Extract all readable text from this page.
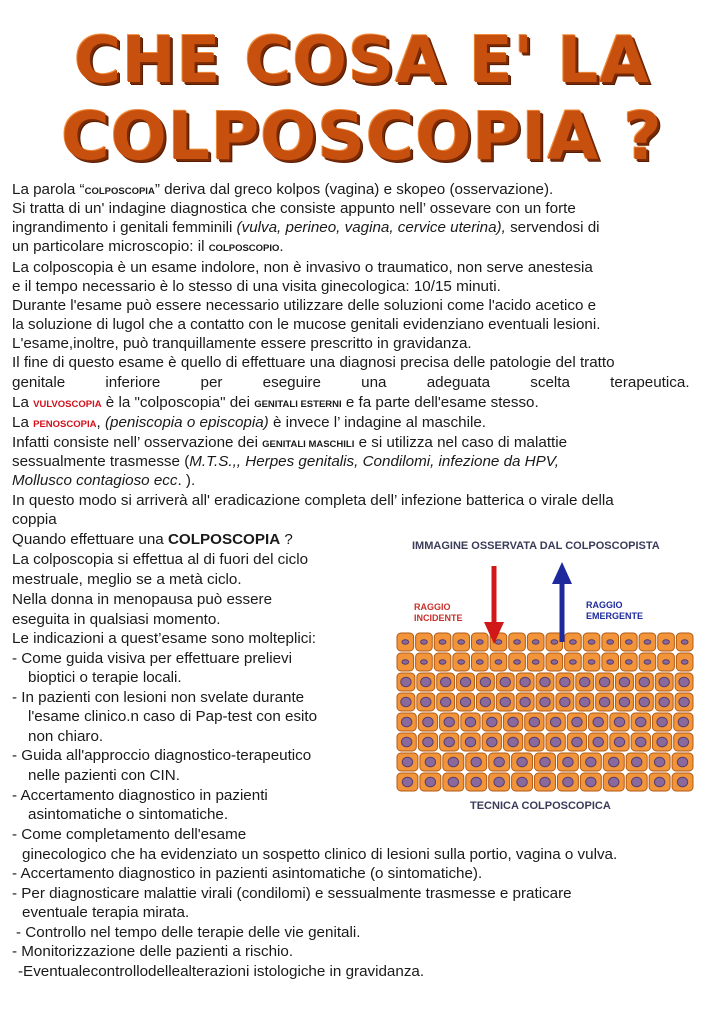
CHE COSA E' LA
COLPOSCOPIA ?
La parola “COLPOSCOPIA” deriva dal greco kolpos (vagina) e skopeo (osservazione).
Si tratta di un' indagine diagnostica che consiste appunto nell’ ossevare con un forte
ingrandimento i genitali femminili (vulva, perineo, vagina, cervice uterina), servendosi di
un particolare microscopio: il COLPOSCOPIO.
La colposcopia è un esame indolore, non è invasivo o traumatico, non serve anestesia
e il tempo necessario è lo stesso di una visita ginecologica: 10/15 minuti.
Durante l'esame può essere necessario utilizzare delle soluzioni come l'acido acetico e
la soluzione di lugol che a contatto con le mucose genitali evidenziano eventuali lesioni.
L'esame,inoltre, può tranquillamente essere prescritto in gravidanza.
Il fine di questo esame è quello di effettuare una diagnosi precisa delle patologie del tratto
genitale inferiore per eseguire una adeguata scelta terapeutica.
La VULVOSCOPIA è la "colposcopia" dei GENITALI ESTERNI e fa parte dell'esame stesso.
La PENOSCOPIA, (peniscopia o episcopia) è invece l’ indagine al maschile.
Infatti consiste nell’ osservazione dei GENITALI MASCHILI e si utilizza nel caso di malattie
sessualmente trasmesse (M.T.S.,, Herpes genitalis, Condilomi, infezione da HPV,
Mollusco contagioso ecc. ).
In questo modo si arriverà all' eradicazione completa dell’ infezione batterica o virale della
coppia
Quando effettuare una COLPOSCOPIA ?
La colposcopia si effettua al di fuori del ciclo
mestruale, meglio se a metà ciclo.
Nella donna in menopausa può essere
eseguita in qualsiasi momento.
Le indicazioni a quest’esame sono molteplici:
- Come guida visiva per effettuare prelievi
bioptici o terapie locali.
- In pazienti con lesioni non svelate durante
l'esame clinico.n caso di Pap-test con esito
non chiaro.
- Guida all'approccio diagnostico-terapeutico
nelle pazienti con CIN.
- Accertamento diagnostico in pazienti
asintomatiche o sintomatiche.
- Come completamento dell'esame
ginecologico che ha evidenziato un sospetto clinico di lesioni sulla portio, vagina o vulva.
- Accertamento diagnostico in pazienti asintomatiche (o sintomatiche).
- Per diagnosticare malattie virali (condilomi) e sessualmente trasmesse e praticare
eventuale terapia mirata.
- Controllo nel tempo delle terapie delle vie genitali.
- Monitorizzazione delle pazienti a rischio.
-Eventualecontrollodellealterazioni istologiche in gravidanza.
IMMAGINE OSSERVATA DAL COLPOSCOPISTA
RAGGIO
INCIDENTE
RAGGIO
EMERGENTE
TECNICA COLPOSCOPICA
